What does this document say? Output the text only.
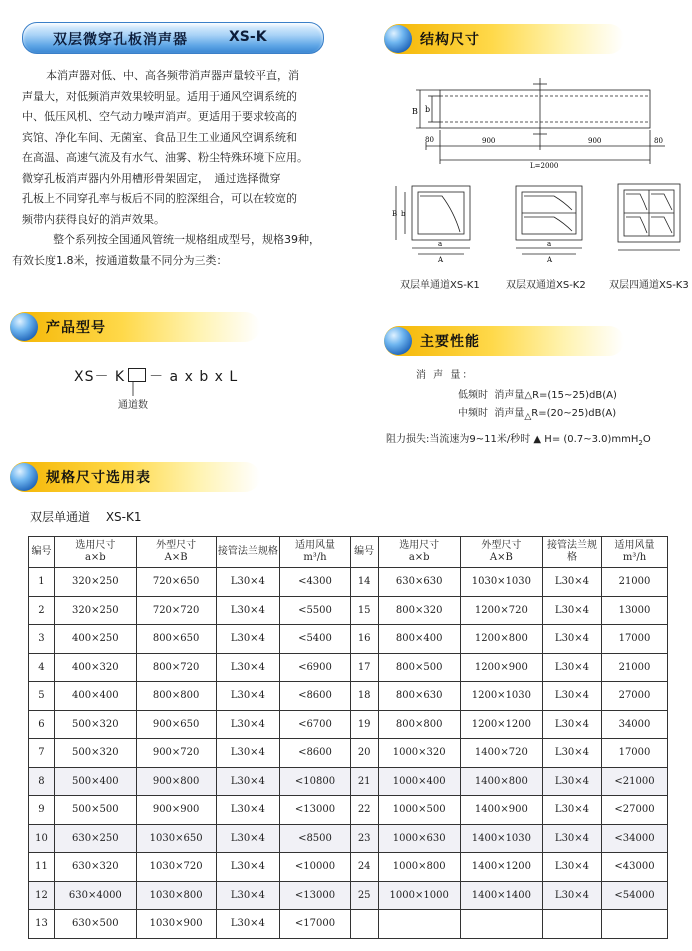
双层微穿孔板消声器	XS-K

本消声器对低、中、高各频带消声器声量较平直，消

声量大，对低频消声效果较明显。适用于通风空调系统的

中、低压风机、空气动力噪声消声。更适用于要求较高的

宾馆、净化车间、无菌室、食品卫生工业通风空调系统和

在高温、高速气流及有水气、油雾、粉尘特殊环境下应用。

微穿孔板消声器内外用槽形骨架固定，　通过选择微穿

孔板上不同穿孔率与板后不同的腔深组合，可以在较宽的

频带内获得良好的消声效果。

　整个系列按全国通风管统一规格组成型号，规格39种，

有效长度1.8米，按通道数量不同分为三类：

结构尺寸
B b
80	900	900	80
L=2000
B b
a
A
a
A
双层单通道XS-K1	双层双通道XS-K2 双层四通道XS-K3
产品型号
XS－ K － a x b x L
通道数
主要性能
消 声 量：
低频时 消声量△R=(15~25)dB(A)
中频时 消声量△R=(20~25)dB(A)
阻力损失:当流速为9~11米/秒时 ▲ H= (0.7~3.0)mmH$_2$O
规格尺寸选用表
双层单通道　 XS-K1
编号	选用尺寸
a×b	外型尺寸
A×B	接管法兰规格	适用风量
m³/h	编号	选用尺寸
a×b	外型尺寸
A×B	接管法兰规格	适用风量
m³/h
1	320×250	720×650	L30×4	<4300	14	630×630	1030×1030	L30×4	21000
2	320×250	720×720	L30×4	<5500	15	800×320	1200×720	L30×4	13000
3	400×250	800×650	L30×4	<5400	16	800×400	1200×800	L30×4	17000
4	400×320	800×720	L30×4	<6900	17	800×500	1200×900	L30×4	21000
5	400×400	800×800	L30×4	<8600	18	800×630	1200×1030	L30×4	27000
6	500×320	900×650	L30×4	<6700	19	800×800	1200×1200	L30×4	34000
7	500×320	900×720	L30×4	<8600	20	1000×320	1400×720	L30×4	17000
8	500×400	900×800	L30×4	<10800	21	1000×400	1400×800	L30×4	<21000
9	500×500	900×900	L30×4	<13000	22	1000×500	1400×900	L30×4	<27000
10	630×250	1030×650	L30×4	<8500	23	1000×630	1400×1030	L30×4	<34000
11	630×320	1030×720	L30×4	<10000	24	1000×800	1400×1200	L30×4	<43000
12	630×4000	1030×800	L30×4	<13000	25	1000×1000	1400×1400	L30×4	<54000
13	630×500	1030×900	L30×4	<17000					
